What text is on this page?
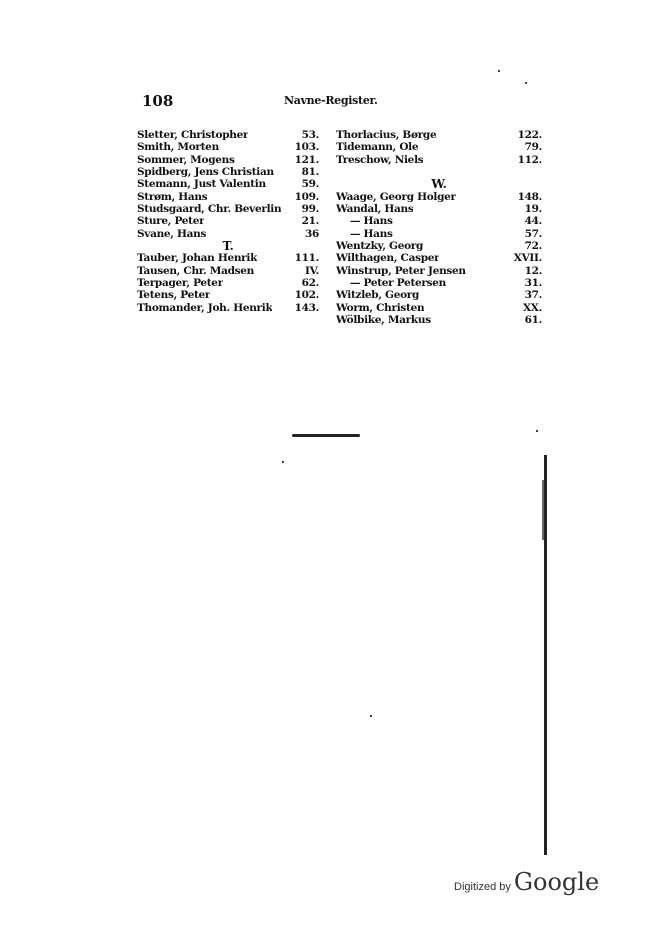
108	Navne-Register.
Sletter, Christopher	53.
Smith, Morten	103.
Sommer, Mogens	121.
Spidberg, Jens Christian	81.
Stemann, Just Valentin	59.
Strøm, Hans	109.
Studsgaard, Chr. Beverlin 99.
Sture, Peter	21.
Svane, Hans	36
T.
Tauber, Johan Henrik	111.
Tausen, Chr. Madsen	IV.
Terpager, Peter	62.
Tetens, Peter	102.
Thomander, Joh. Henrik 143.
Thorlacius, Børge	122.
Tidemann, Ole	79.
Treschow, Niels	112.
W.
Waage, Georg Holger	148.
Wandal, Hans	19.
— Hans	44.
— Hans	57.
Wentzky, Georg	72.
Wilthagen, Casper	XVII.
Winstrup, Peter Jensen	12.
— Peter Petersen	31.
Witzleb, Georg	37.
Worm, Christen	XX.
Wölbike, Markus	61.
Digitized by Google
